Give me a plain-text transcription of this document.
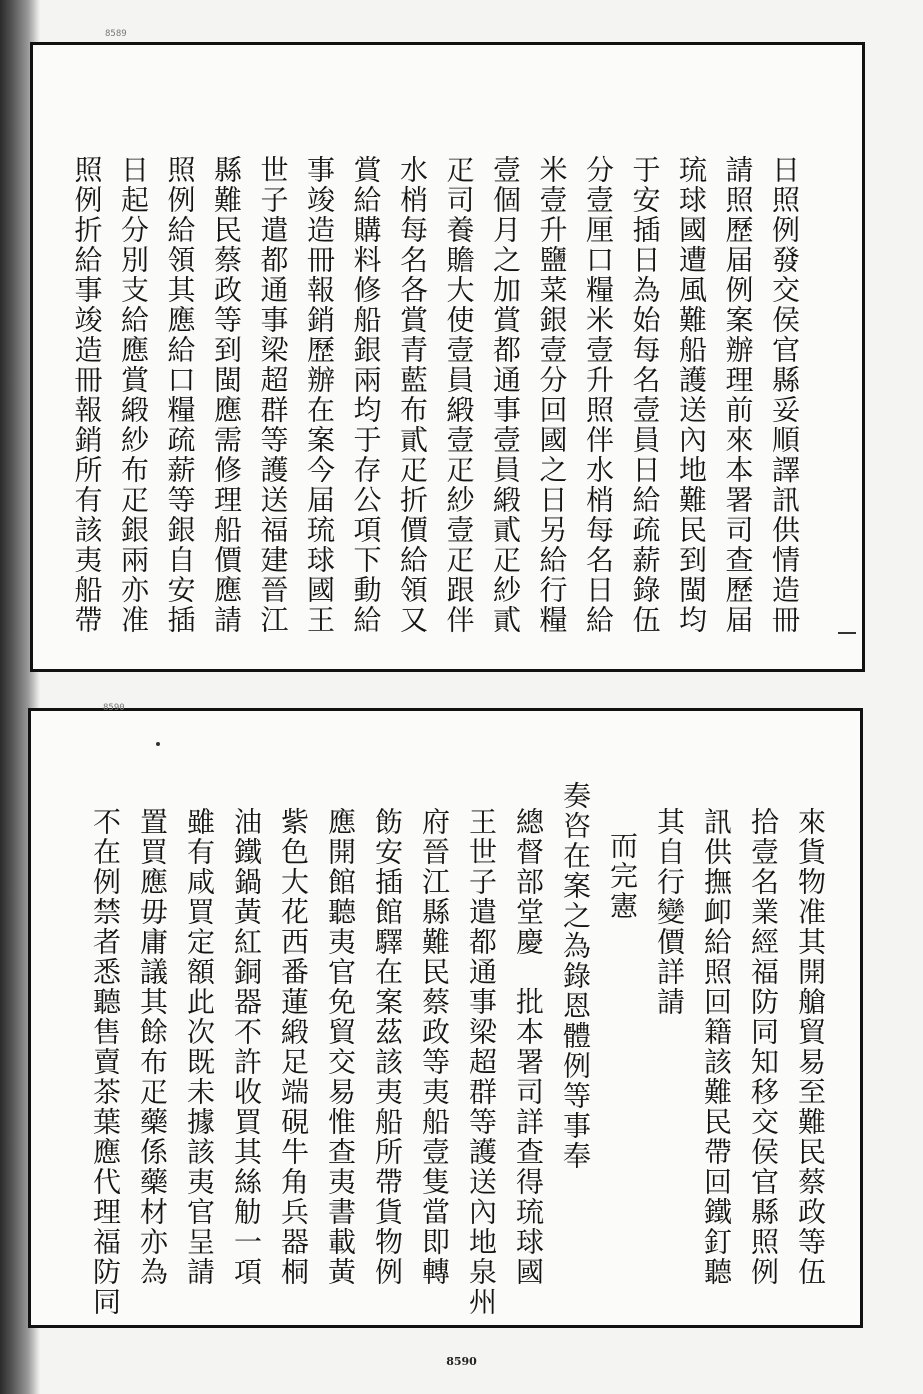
8589
日照例發交侯官縣妥順譯訊供情造冊
請照歷届例案辦理前來本署司查歷届
琉球國遭風難船護送內地難民到閩均
于安插日為始每名壹員日給疏薪錄伍
分壹厘口糧米壹升照伴水梢每名日給
米壹升鹽菜銀壹分回國之日另給行糧
壹個月之加賞都通事壹員緞貳疋紗貳
疋司養贍大使壹員緞壹疋紗壹疋跟伴
水梢每名各賞青藍布貳疋折價給領又
賞給購料修船銀兩均于存公項下動給
事竣造冊報銷歷辦在案今届琉球國王
世子遣都通事梁超群等護送福建晉江
縣難民蔡政等到閩應需修理船價應請
照例給領其應給口糧疏薪等銀自安插
日起分別支給應賞緞紗布疋銀兩亦准
照例折給事竣造冊報銷所有該夷船帶
8590
來貨物准其開艙貿易至難民蔡政等伍
拾壹名業經福防同知移交侯官縣照例
訊供撫卹給照回籍該難民帶回鐵釘聽
其自行變價詳請
而完憲
奏咨在案之為錄恩體例等事奉
總督部堂慶　批本署司詳查得琉球國
王世子遣都通事梁超群等護送內地泉州
府晉江縣難民蔡政等夷船壹隻當即轉
飭安插館驛在案茲該夷船所帶貨物例
應開館聽夷官免貿交易惟查夷書載黃
紫色大花西番蓮緞足端硯牛角兵器桐
油鐵鍋黃紅銅器不許收買其絲觔一項
雖有咸買定額此次既未據該夷官呈請
置買應毋庸議其餘布疋藥係藥材亦為
不在例禁者悉聽售賣茶葉應代理福防同
8590
